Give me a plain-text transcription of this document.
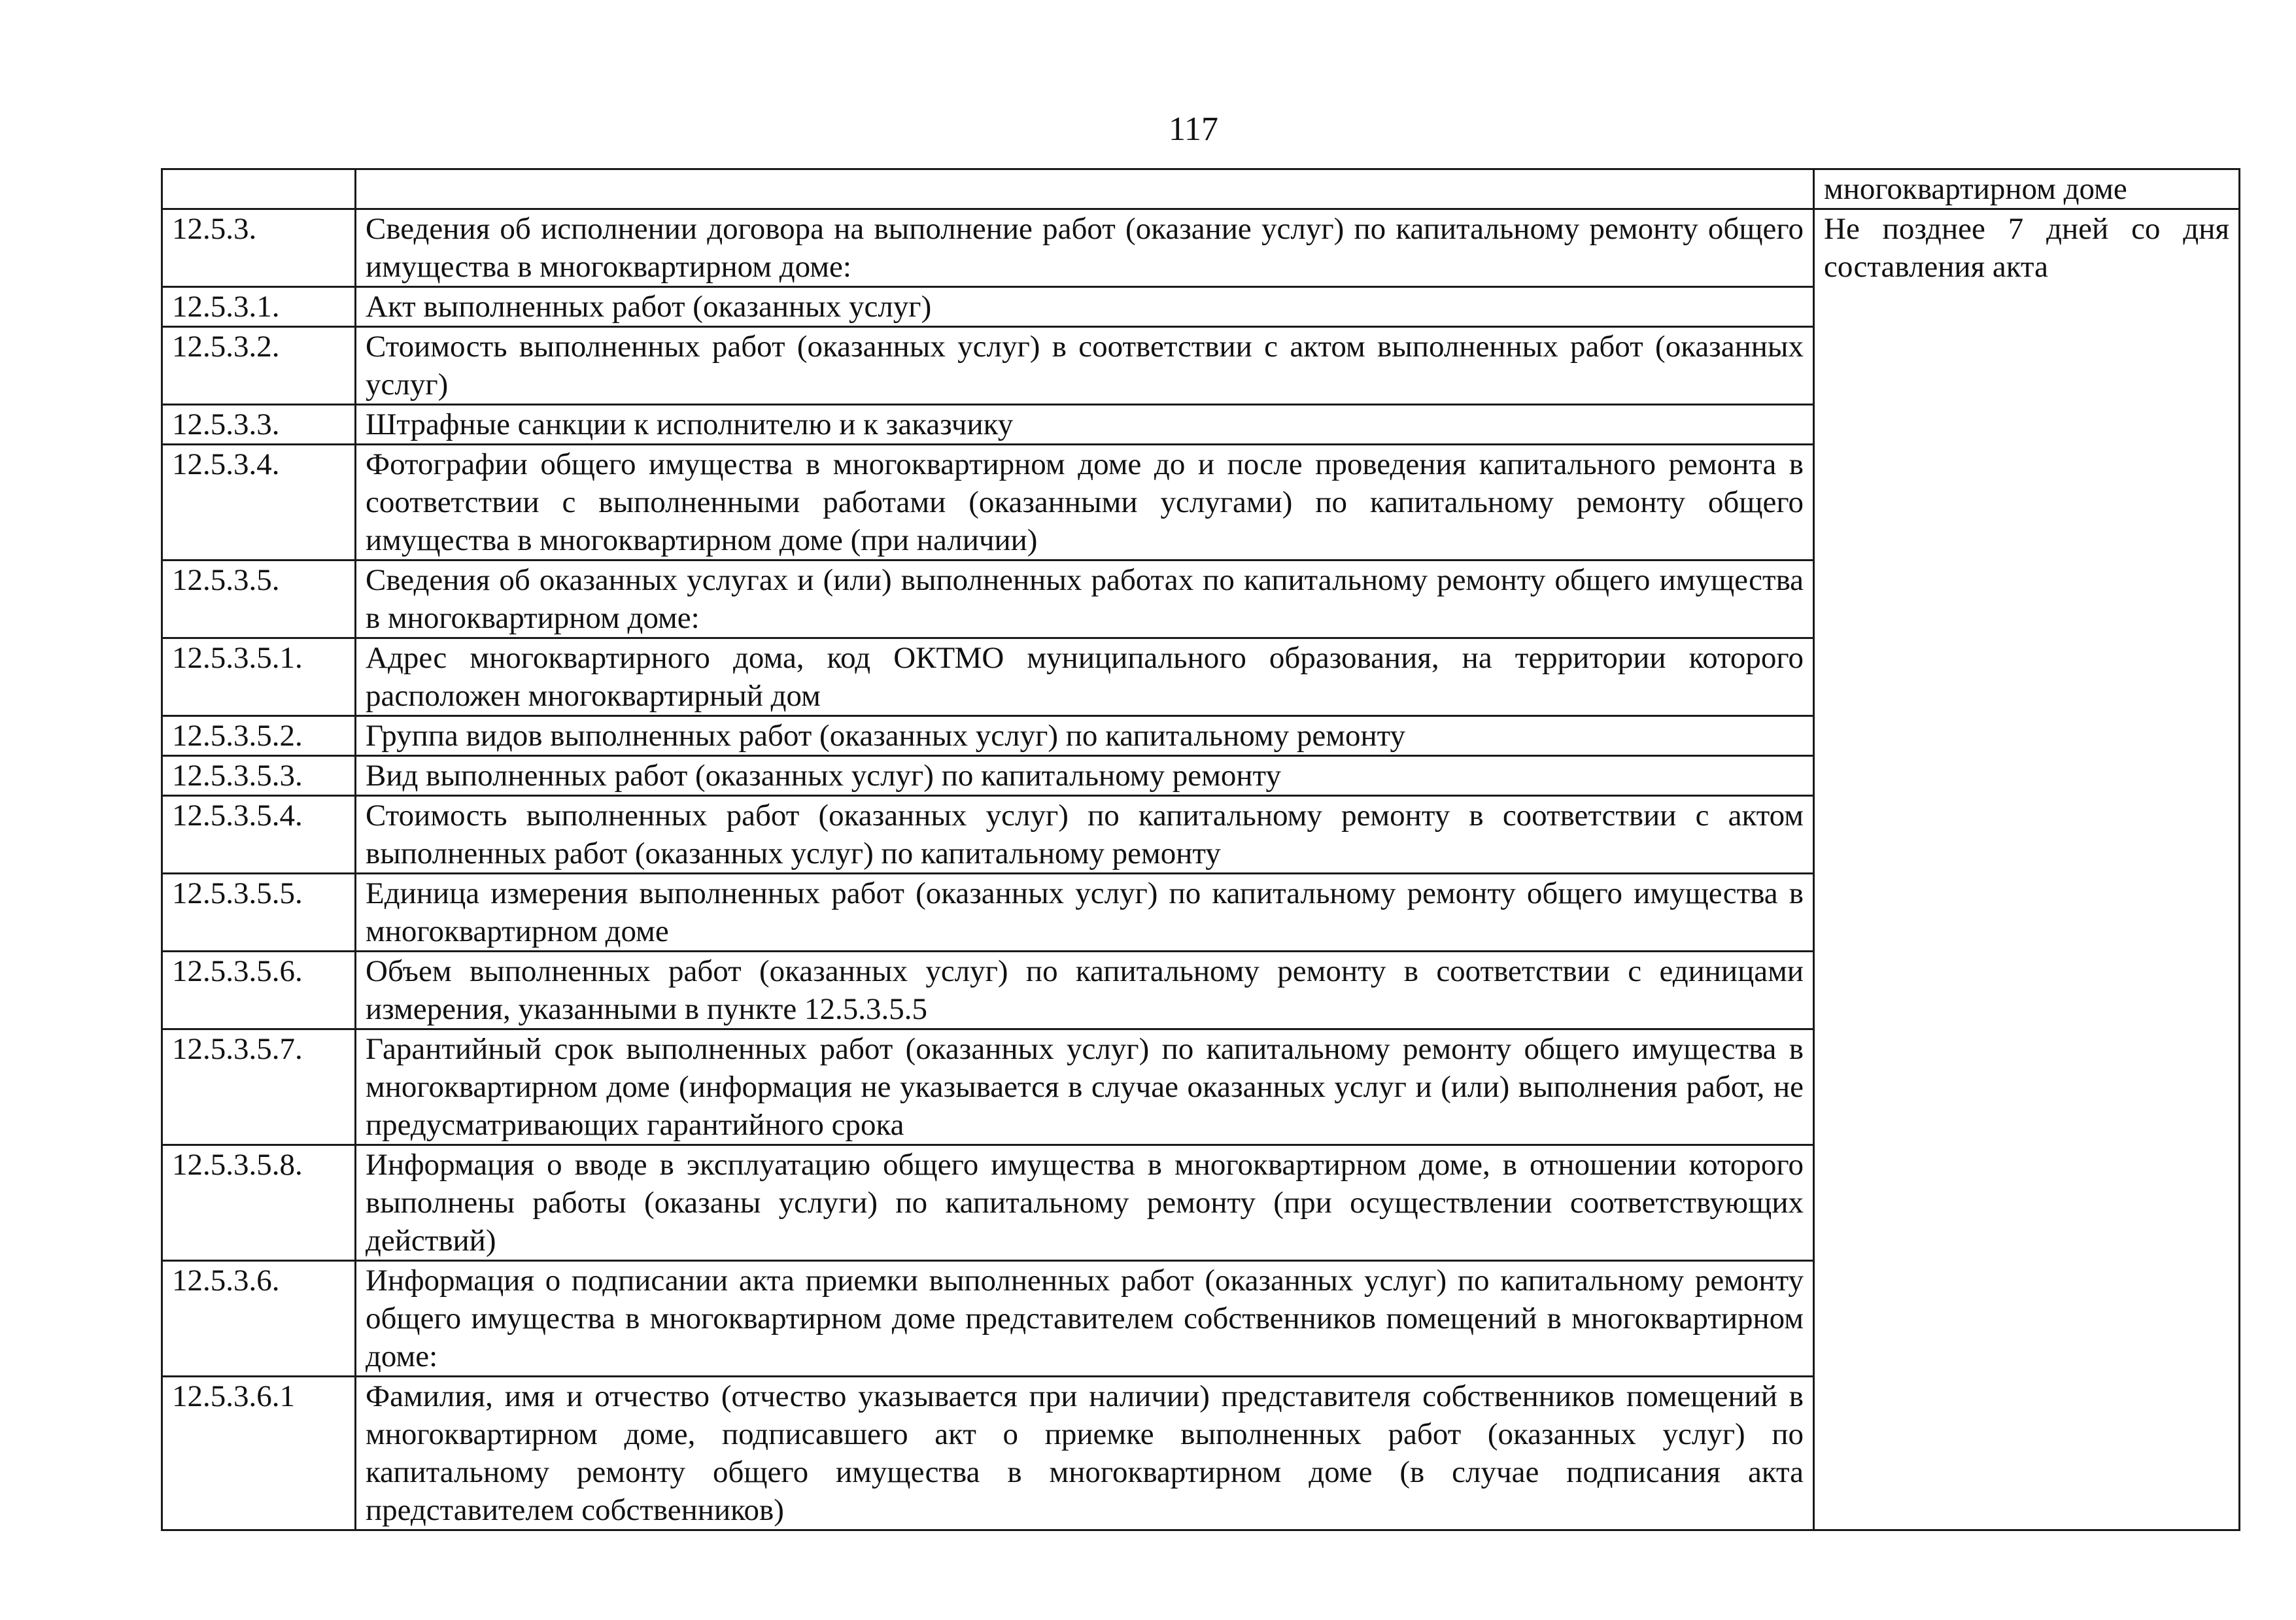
117
		многоквартирном доме
12.5.3.	Сведения об исполнении договора на выполнение работ (оказание услуг) по капитальному ремонту общего имущества в многоквартирном доме:	Не позднее 7 дней со дня составления акта

12.5.3.1.	Акт выполненных работ (оказанных услуг)	
12.5.3.2.	Стоимость выполненных работ (оказанных услуг) в соответствии с актом выполненных работ (оказанных услуг)	
12.5.3.3.	Штрафные санкции к исполнителю и к заказчику	
12.5.3.4.	Фотографии общего имущества в многоквартирном доме до и после проведения капитального ремонта в соответствии с выполненными работами (оказанными услугами) по капитальному ремонту общего имущества в многоквартирном доме (при наличии)	
12.5.3.5.	Сведения об оказанных услугах и (или) выполненных работах по капитальному ремонту общего имущества в многоквартирном доме:	
12.5.3.5.1.	Адрес многоквартирного дома, код ОКТМО муниципального образования, на территории которого расположен многоквартирный дом	
12.5.3.5.2.	Группа видов выполненных работ (оказанных услуг) по капитальному ремонту	
12.5.3.5.3.	Вид выполненных работ (оказанных услуг) по капитальному ремонту	
12.5.3.5.4.	Стоимость выполненных работ (оказанных услуг) по капитальному ремонту в соответствии с актом выполненных работ (оказанных услуг) по капитальному ремонту	
12.5.3.5.5.	Единица измерения выполненных работ (оказанных услуг) по капитальному ремонту общего имущества в многоквартирном доме	
12.5.3.5.6.	Объем выполненных работ (оказанных услуг) по капитальному ремонту в соответствии с единицами измерения, указанными в пункте 12.5.3.5.5	
12.5.3.5.7.	Гарантийный срок выполненных работ (оказанных услуг) по капитальному ремонту общего имущества в многоквартирном доме (информация не указывается в случае оказанных услуг и (или) выполнения работ, не предусматривающих гарантийного срока	
12.5.3.5.8.	Информация о вводе в эксплуатацию общего имущества в многоквартирном доме, в отношении которого выполнены работы (оказаны услуги) по капитальному ремонту (при осуществлении соответствующих действий)	
12.5.3.6.	Информация о подписании акта приемки выполненных работ (оказанных услуг) по капитальному ремонту общего имущества в многоквартирном доме представителем собственников помещений в многоквартирном доме:	
12.5.3.6.1	Фамилия, имя и отчество (отчество указывается при наличии) представителя собственников помещений в многоквартирном доме, подписавшего акт о приемке выполненных работ (оказанных услуг) по капитальному ремонту общего имущества в многоквартирном доме (в случае подписания акта представителем собственников)	
